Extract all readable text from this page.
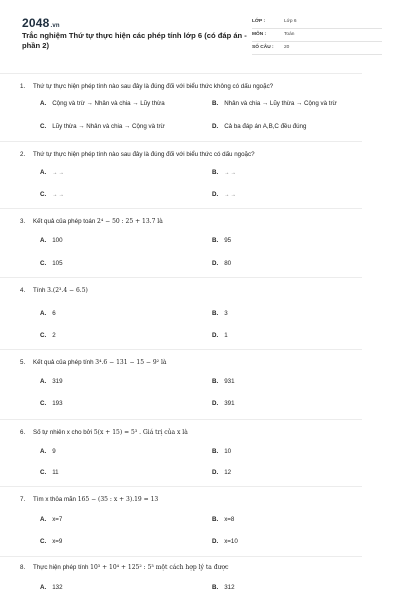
2048.vn
Trắc nghiệm Thứ tự thực hiện các phép tính lớp 6 (có đáp án - phần 2)
LỚP :	Lớp 6
MÔN :	Toán
SỐ CÂU : 20
1. Thứ tự thực hiện phép tính nào sau đây là đúng đối với biểu thức không có dấu ngoặc?
A. Cộng và trừ → Nhân và chia → Lũy thừa	B. Nhân và chia → Lũy thừa → Cộng và trừ
C. Lũy thừa → Nhân và chia → Cộng và trừ	D. Cả ba đáp án A,B,C đều đúng
2. Thứ tự thực hiện phép tính nào sau đây là đúng đối với biểu thức có dấu ngoặc?
A. → →	B. → →
C. → →	D. → →
3. Kết quả của phép toán 2⁴ − 50 : 25 + 13.7 là
A. 100	B. 95
C. 105	D. 80
4. Tính 3.(2³.4 − 6.5)
A. 6	B. 3
C. 2	D. 1
5. Kết quả của phép tính 3⁴.6 − 131 − 15 − 9² là
A. 319	B. 931
C. 193	D. 391
6. Số tự nhiên x cho bởi 5(x + 15) = 5³ . Giá trị của x là
A. 9	B. 10
C. 11	D. 12
7. Tìm x thỏa mãn 165 − (35 : x + 3).19 = 13
A. x=7	B. x=8
C. x=9	D. x=10
8. Thực hiện phép tính 10³ + 10⁴ + 125² : 5³ một cách hợp lý ta được
A. 132	B. 312
